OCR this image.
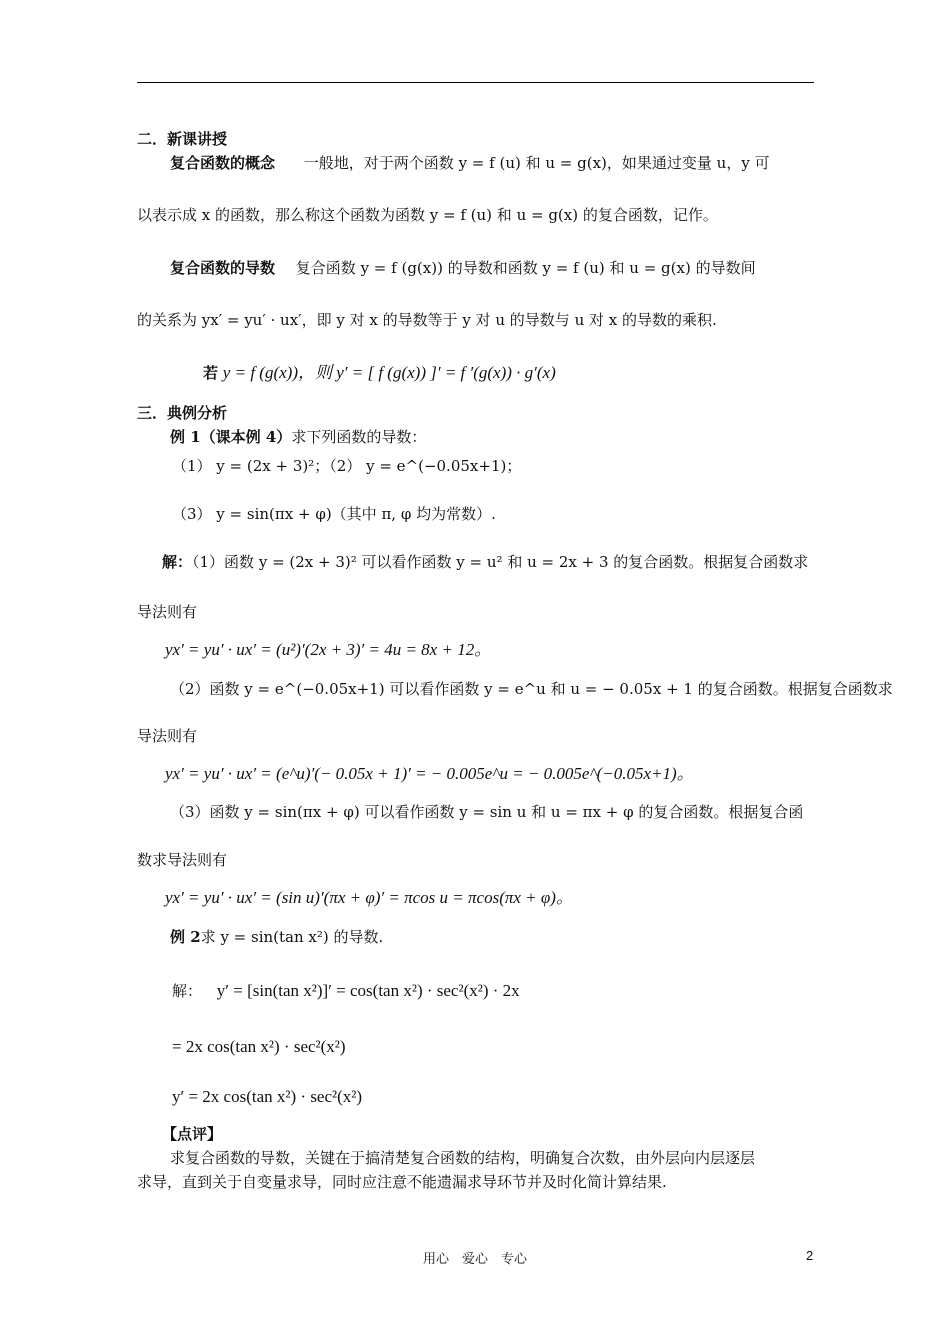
二．新课讲授
复合函数的概念 一般地，对于两个函数 y = f (u) 和 u = g(x)，如果通过变量 u，y 可
以表示成 x 的函数，那么称这个函数为函数 y = f (u) 和 u = g(x) 的复合函数，记作。
复合函数的导数 复合函数 y = f (g(x)) 的导数和函数 y = f (u) 和 u = g(x) 的导数间
的关系为 yx′ = yu′ · ux′，即 y 对 x 的导数等于 y 对 u 的导数与 u 对 x 的导数的乘积.
若 y = f (g(x))，则 y′ = [ f (g(x)) ]′ = f ′(g(x)) · g′(x)
三．典例分析
例 1（课本例 4）求下列函数的导数：
（1） y = (2x + 3)²；（2） y = e^(−0.05x+1)；
（3） y = sin(πx + φ)（其中 π, φ 均为常数）.
解：（1）函数 y = (2x + 3)² 可以看作函数 y = u² 和 u = 2x + 3 的复合函数。根据复合函数求
导法则有
yx′ = yu′ · ux′ = (u²)′(2x + 3)′ = 4u = 8x + 12。
（2）函数 y = e^(−0.05x+1) 可以看作函数 y = e^u 和 u = − 0.05x + 1 的复合函数。根据复合函数求
导法则有
yx′ = yu′ · ux′ = (e^u)′(− 0.05x + 1)′ = − 0.005e^u = − 0.005e^(−0.05x+1)。
（3）函数 y = sin(πx + φ) 可以看作函数 y = sin u 和 u = πx + φ 的复合函数。根据复合函
数求导法则有
yx′ = yu′ · ux′ = (sin u)′(πx + φ)′ = πcos u = πcos(πx + φ)。
例 2求 y = sin(tan x²) 的导数.
解： y′ = [sin(tan x²)]′ = cos(tan x²) · sec²(x²) · 2x
= 2x cos(tan x²) · sec²(x²)
y′ = 2x cos(tan x²) · sec²(x²)
【点评】
求复合函数的导数，关键在于搞清楚复合函数的结构，明确复合次数，由外层向内层逐层
求导，直到关于自变量求导，同时应注意不能遗漏求导环节并及时化简计算结果.
用心　爱心　专心	2
